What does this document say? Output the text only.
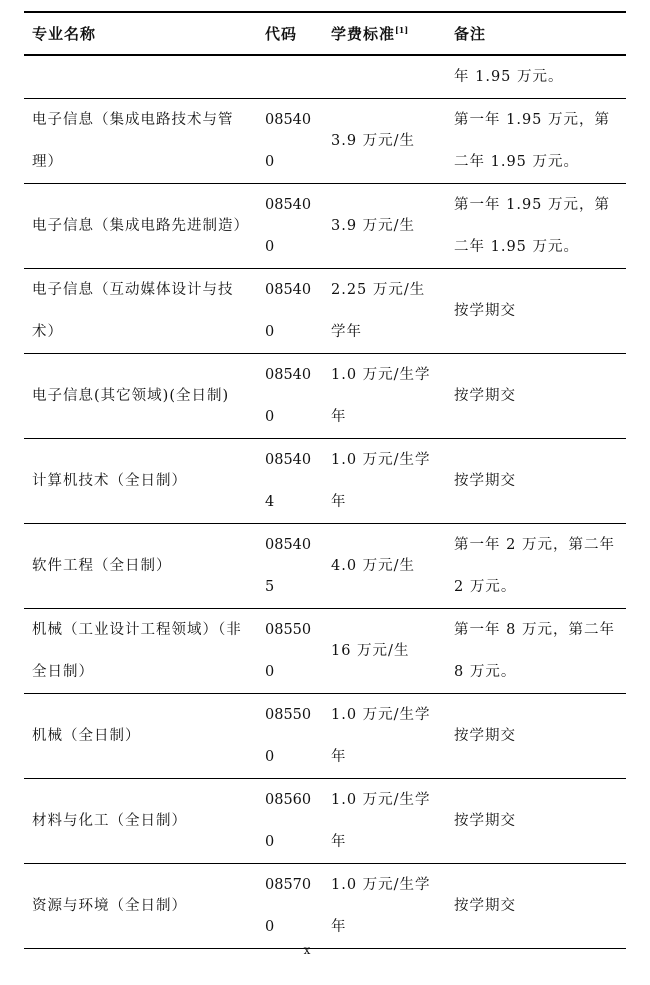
专业名称	代码	学费标准[1]	备注
			年 1.95 万元。
电子信息（集成电路技术与管理）	085400	3.9 万元/生	第一年 1.95 万元，第二年 1.95 万元。
电子信息（集成电路先进制造）	085400	3.9 万元/生	第一年 1.95 万元，第二年 1.95 万元。
电子信息（互动媒体设计与技术）	085400	2.25 万元/生学年	按学期交
电子信息(其它领域)(全日制)	085400	1.0 万元/生学年	按学期交
计算机技术（全日制）	085404	1.0 万元/生学年	按学期交
软件工程（全日制）	085405	4.0 万元/生	第一年 2 万元，第二年 2 万元。
机械（工业设计工程领域）（非全日制）	085500	16 万元/生	第一年 8 万元，第二年 8 万元。
机械（全日制）	085500	1.0 万元/生学年	按学期交
材料与化工（全日制）	085600	1.0 万元/生学年	按学期交
资源与环境（全日制）	085700	1.0 万元/生学年	按学期交
x
